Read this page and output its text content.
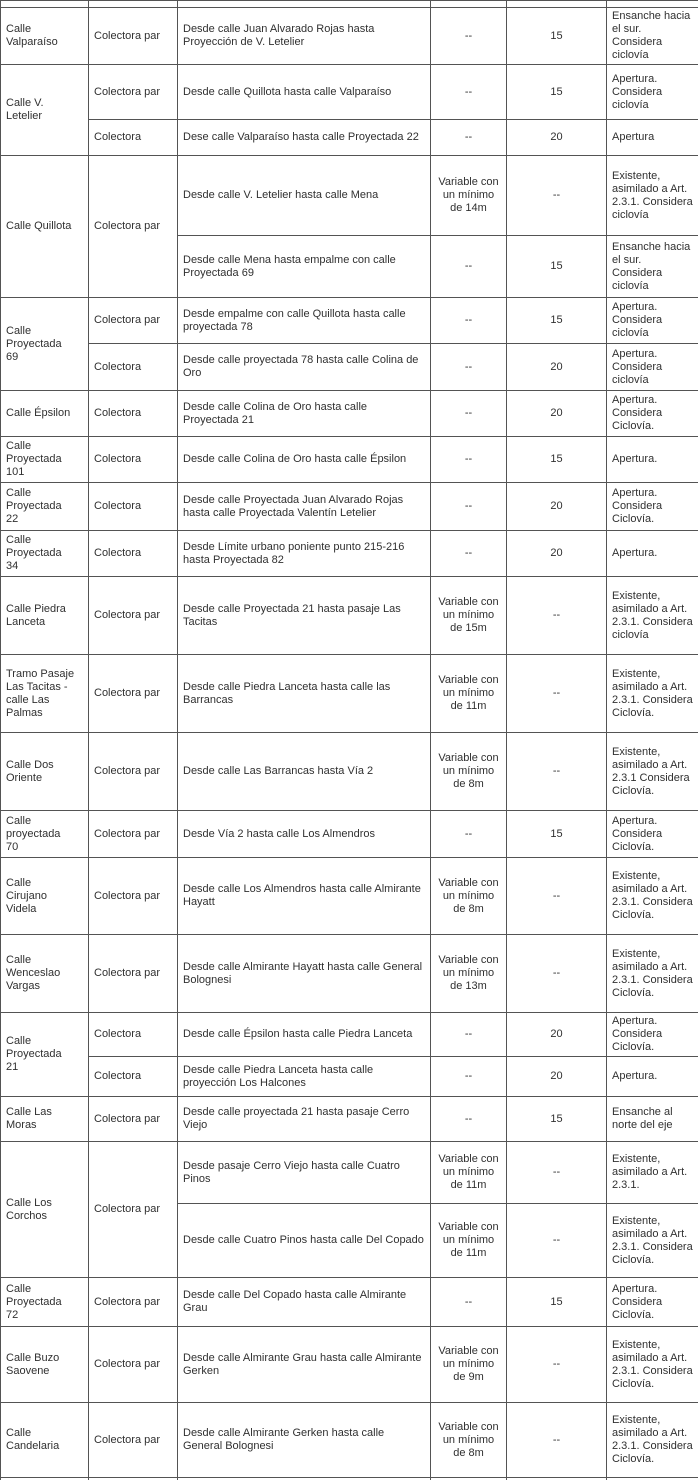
Calle Valparaíso	Colectora par	Desde calle Juan Alvarado Rojas hasta Proyección de V. Letelier	--	15	Ensanche hacia el sur. Considera ciclovía
Calle V. Letelier	Colectora par	Desde calle Quillota hasta calle Valparaíso	--	15	Apertura. Considera ciclovía
	Colectora	Dese calle Valparaíso hasta calle Proyectada 22	--	20	Apertura
Calle Quillota	Colectora par	Desde calle V. Letelier hasta calle Mena	Variable con un mínimo de 14m	--	Existente, asimilado a Art. 2.3.1. Considera ciclovía
		Desde calle Mena hasta empalme con calle Proyectada 69	--	15	Ensanche hacia el sur. Considera ciclovía
Calle Proyectada 69	Colectora par	Desde empalme con calle Quillota hasta calle proyectada 78	--	15	Apertura. Considera ciclovía
	Colectora	Desde calle proyectada 78 hasta calle Colina de Oro	--	20	Apertura. Considera ciclovía
Calle Épsilon	Colectora	Desde calle Colina de Oro hasta calle Proyectada 21	--	20	Apertura. Considera Ciclovía.
Calle Proyectada 101	Colectora	Desde calle Colina de Oro hasta calle Épsilon	--	15	Apertura.
Calle Proyectada 22	Colectora	Desde calle Proyectada Juan Alvarado Rojas hasta calle Proyectada Valentín Letelier	--	20	Apertura. Considera Ciclovía.
Calle Proyectada 34	Colectora	Desde Límite urbano poniente punto 215-216 hasta Proyectada 82	--	20	Apertura.
Calle Piedra Lanceta	Colectora par	Desde calle Proyectada 21 hasta pasaje Las Tacitas	Variable con un mínimo de 15m	--	Existente, asimilado a Art. 2.3.1. Considera ciclovía
Tramo Pasaje Las Tacitas - calle Las Palmas	Colectora par	Desde calle Piedra Lanceta hasta calle las Barrancas	Variable con un mínimo de 11m	--	Existente, asimilado a Art. 2.3.1. Considera Ciclovía.
Calle Dos Oriente	Colectora par	Desde calle Las Barrancas hasta Vía 2	Variable con un mínimo de 8m	--	Existente, asimilado a Art. 2.3.1 Considera Ciclovía.
Calle proyectada 70	Colectora par	Desde Vía 2 hasta calle Los Almendros	--	15	Apertura. Considera Ciclovía.
Calle Cirujano Videla	Colectora par	Desde calle Los Almendros hasta calle Almirante Hayatt	Variable con un mínimo de 8m	--	Existente, asimilado a Art. 2.3.1. Considera Ciclovía.
Calle Wenceslao Vargas	Colectora par	Desde calle Almirante Hayatt hasta calle General Bolognesi	Variable con un mínimo de 13m	--	Existente, asimilado a Art. 2.3.1. Considera Ciclovía.
Calle Proyectada 21	Colectora	Desde calle Épsilon hasta calle Piedra Lanceta	--	20	Apertura. Considera Ciclovía.
	Colectora	Desde calle Piedra Lanceta hasta calle proyección Los Halcones	--	20	Apertura.
Calle Las Moras	Colectora par	Desde calle proyectada 21 hasta pasaje Cerro Viejo	--	15	Ensanche al norte del eje
Calle Los Corchos	Colectora par	Desde pasaje Cerro Viejo hasta calle Cuatro Pinos	Variable con un mínimo de 11m	--	Existente, asimilado a Art. 2.3.1.
		Desde calle Cuatro Pinos hasta calle Del Copado	Variable con un mínimo de 11m	--	Existente, asimilado a Art. 2.3.1. Considera Ciclovía.
Calle Proyectada 72	Colectora par	Desde calle Del Copado hasta calle Almirante Grau	--	15	Apertura. Considera Ciclovía.
Calle Buzo Saovene	Colectora par	Desde calle Almirante Grau hasta calle Almirante Gerken	Variable con un mínimo de 9m	--	Existente, asimilado a Art. 2.3.1. Considera Ciclovía.
Calle Candelaria	Colectora par	Desde calle Almirante Gerken hasta calle General Bolognesi	Variable con un mínimo de 8m	--	Existente, asimilado a Art. 2.3.1. Considera Ciclovía.
